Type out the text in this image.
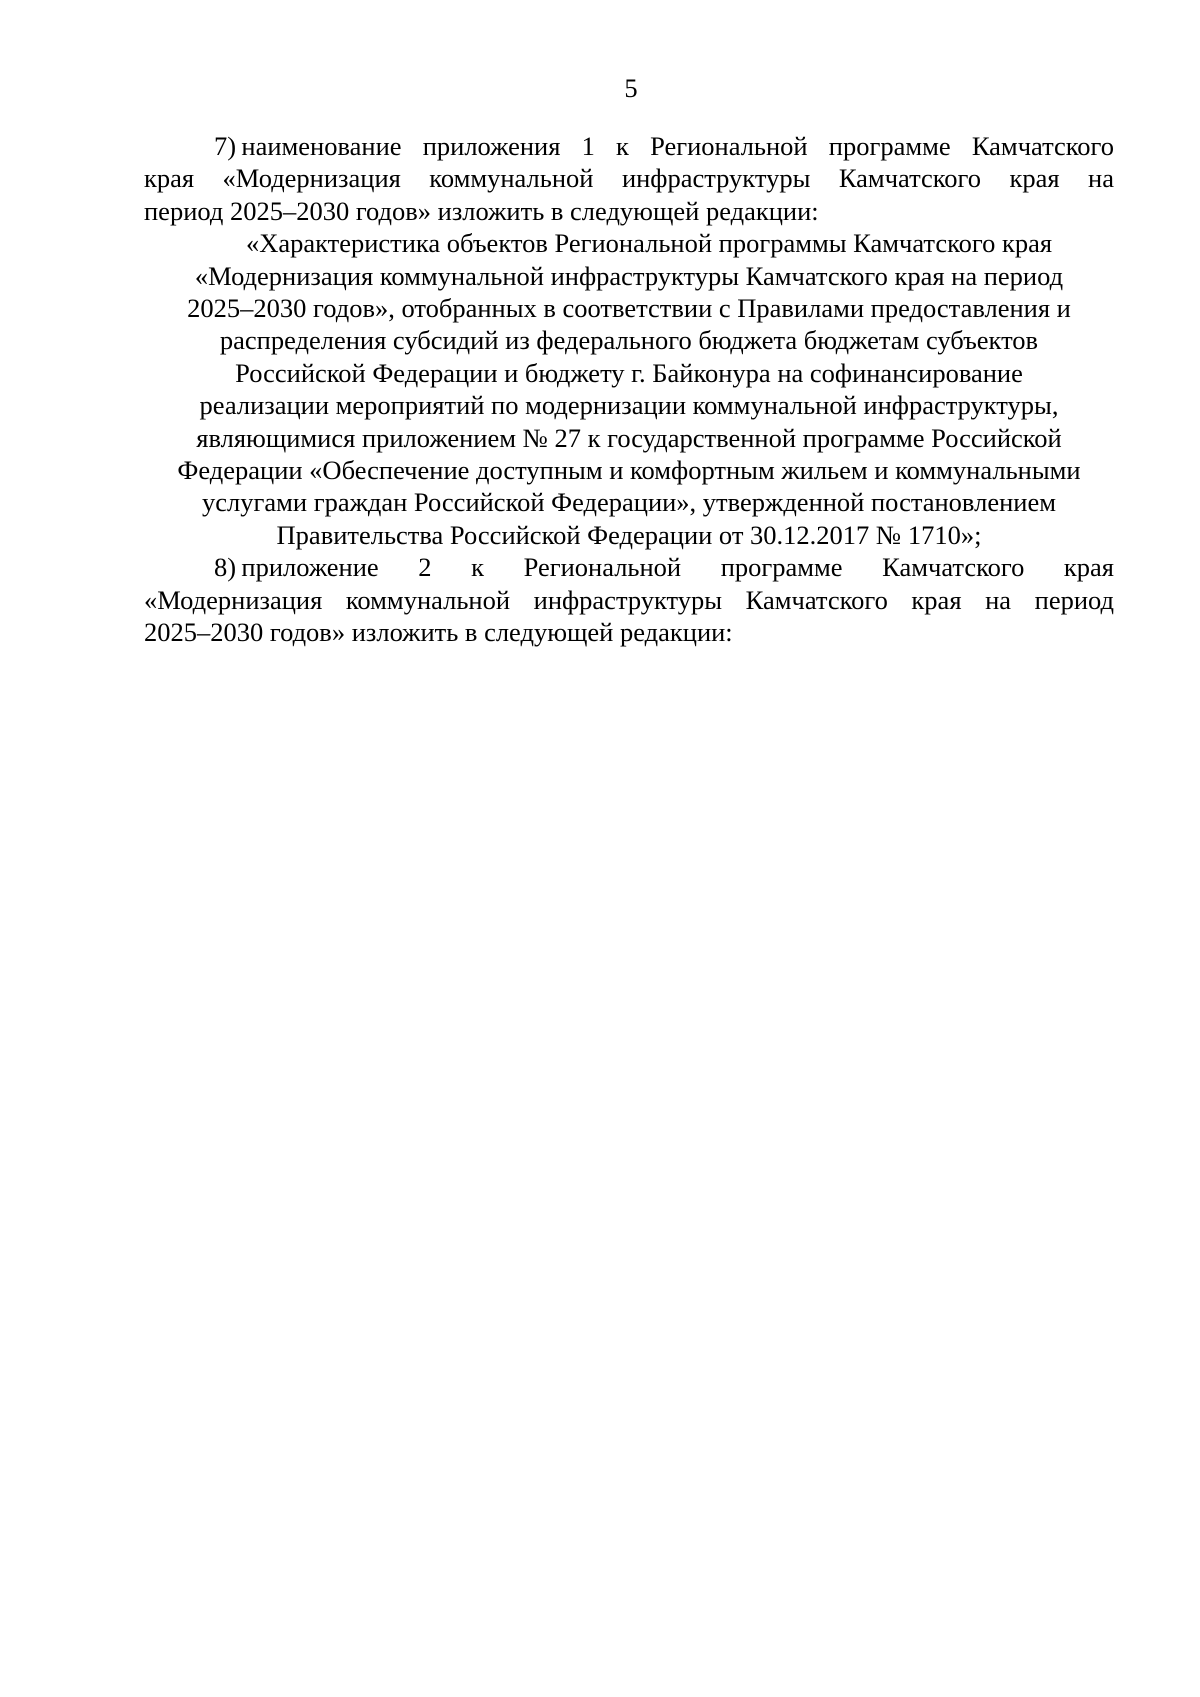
5
7)  наименование приложения 1 к Региональной программе Камчатского
края «Модернизация коммунальной инфраструктуры Камчатского края на
период 2025–2030 годов» изложить в следующей редакции:
«Характеристика объектов Региональной программы Камчатского края
«Модернизация коммунальной инфраструктуры Камчатского края на период
2025–2030 годов», отобранных в соответствии с Правилами предоставления и
распределения субсидий из федерального бюджета бюджетам субъектов
Российской Федерации и бюджету г. Байконура на софинансирование
реализации мероприятий по модернизации коммунальной инфраструктуры,
являющимися приложением № 27 к государственной программе Российской
Федерации «Обеспечение доступным и комфортным жильем и коммунальными
услугами граждан Российской Федерации», утвержденной постановлением
Правительства Российской Федерации от 30.12.2017 № 1710»;
8)  приложение 2 к Региональной программе Камчатского края
«Модернизация коммунальной инфраструктуры Камчатского края на период
2025–2030 годов» изложить в следующей редакции:
